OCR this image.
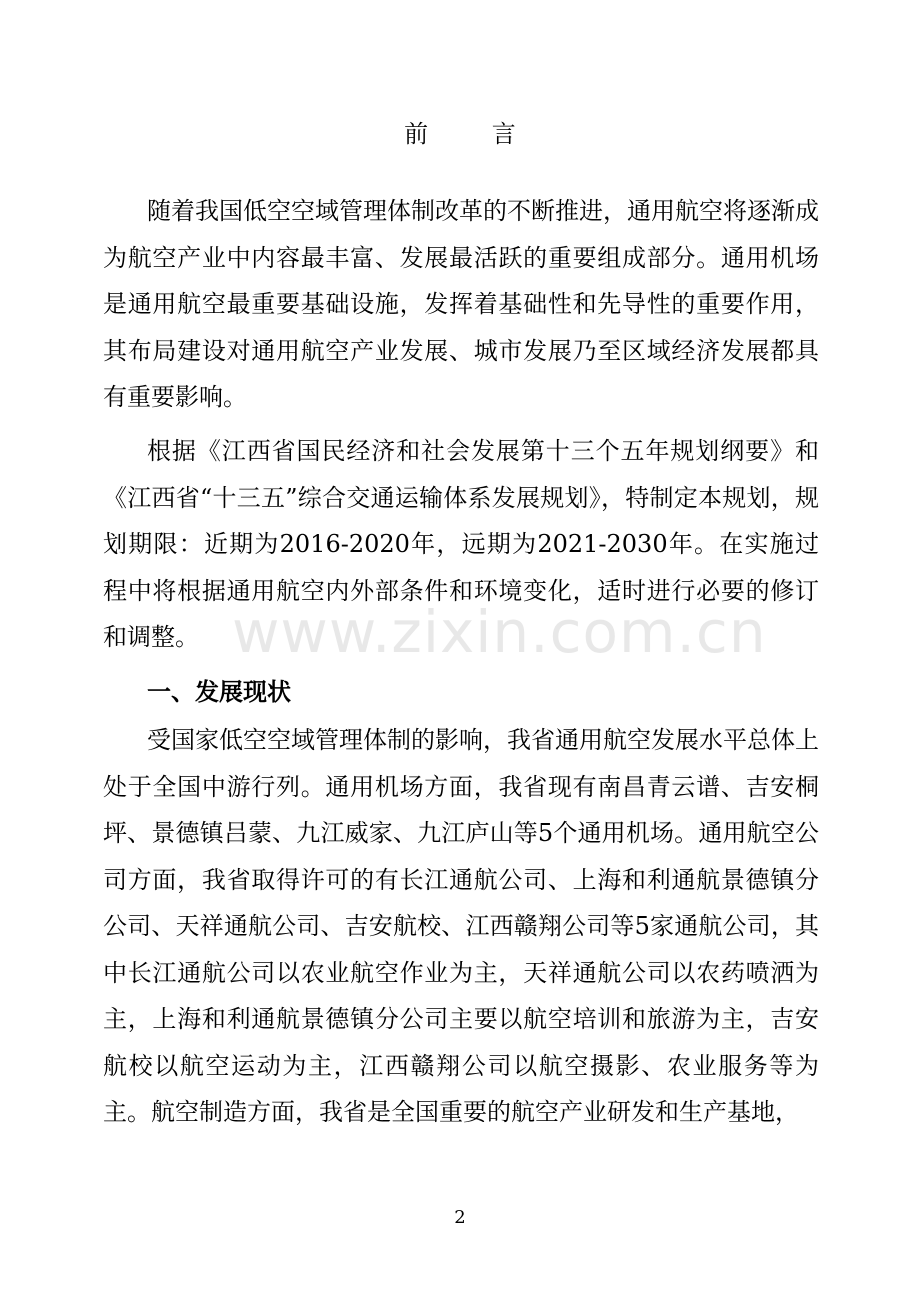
前 言

随着我国低空空域管理体制改革的不断推进，通用航空将逐渐成为航空产业中内容最丰富、发展最活跃的重要组成部分。通用机场是通用航空最重要基础设施，发挥着基础性和先导性的重要作用，其布局建设对通用航空产业发展、城市发展乃至区域经济发展都具有重要影响。

根据《江西省国民经济和社会发展第十三个五年规划纲要》和《江西省“十三五”综合交通运输体系发展规划》，特制定本规划，规划期限：近期为2016-2020年，远期为2021-2030年。在实施过程中将根据通用航空内外部条件和环境变化，适时进行必要的修订和调整。

一、发展现状

受国家低空空域管理体制的影响，我省通用航空发展水平总体上处于全国中游行列。通用机场方面，我省现有南昌青云谱、吉安桐坪、景德镇吕蒙、九江威家、九江庐山等5个通用机场。通用航空公司方面，我省取得许可的有长江通航公司、上海和利通航景德镇分公司、天祥通航公司、吉安航校、江西赣翔公司等5家通航公司，其中长江通航公司以农业航空作业为主，天祥通航公司以农药喷洒为主，上海和利通航景德镇分公司主要以航空培训和旅游为主，吉安航校以航空运动为主，江西赣翔公司以航空摄影、农业服务等为主。航空制造方面，我省是全国重要的航空产业研发和生产基地，

www.zixin.com.cn
2
